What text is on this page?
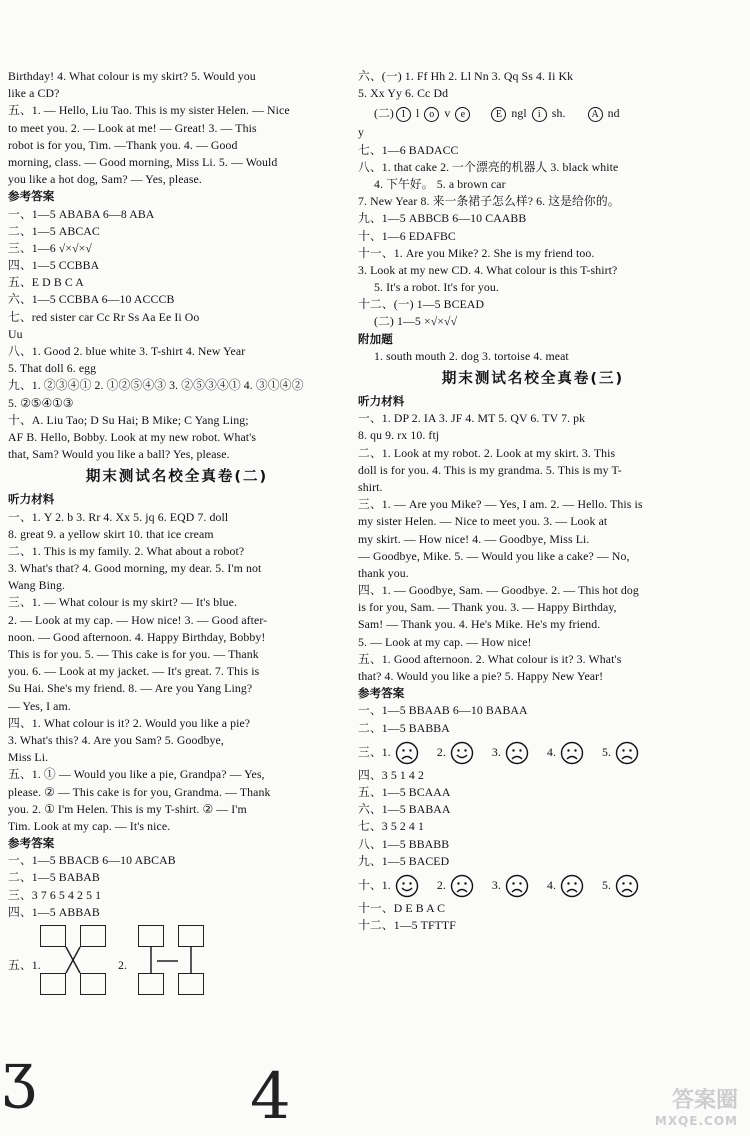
Birthday! 4. What colour is my skirt? 5. Would you
like a CD?
五、1. — Hello, Liu Tao. This is my sister Helen. — Nice
to meet you. 2. — Look at me! — Great! 3. — This
robot is for you, Tim. —Thank you. 4. — Good
morning, class. — Good morning, Miss Li. 5. — Would
you like a hot dog, Sam? — Yes, please.
参考答案
一、1—5 ABABA 6—8 ABA
二、1—5 ABCAC
三、1—6 √×√×√
四、1—5 CCBBA
五、E D B C A
六、1—5 CCBBA 6—10 ACCCB
七、red sister car Cc Rr Ss Aa Ee Ii Oo
Uu
八、1. Good 2. blue white 3. T-shirt 4. New Year
5. That doll 6. egg
九、1. ②③④① 2. ①②⑤④③ 3. ②⑤③④① 4. ③①④②
5. ②⑤④①③
十、A. Liu Tao; D Su Hai; B Mike; C Yang Ling;
AF B. Hello, Bobby. Look at my new robot. What's
that, Sam? Would you like a ball? Yes, please.
期末测试名校全真卷(二)
听力材料
一、1. Y 2. b 3. Rr 4. Xx 5. jq 6. EQD 7. doll
8. great 9. a yellow skirt 10. that ice cream
二、1. This is my family. 2. What about a robot?
3. What's that? 4. Good morning, my dear. 5. I'm not
Wang Bing.
三、1. — What colour is my skirt? — It's blue.
2. — Look at my cap. — How nice! 3. — Good after-
noon. — Good afternoon. 4. Happy Birthday, Bobby!
This is for you. 5. — This cake is for you. — Thank
you. 6. — Look at my jacket. — It's great. 7. This is
Su Hai. She's my friend. 8. — Are you Yang Ling?
— Yes, I am.
四、1. What colour is it? 2. Would you like a pie?
3. What's this? 4. Are you Sam? 5. Goodbye,
Miss Li.
五、1. ① — Would you like a pie, Grandpa? — Yes,
please. ② — This cake is for you, Grandma. — Thank
you. 2. ① I'm Helen. This is my T-shirt. ② — I'm
Tim. Look at my cap. — It's nice.
参考答案
一、1—5 BBACB 6—10 ABCAB
二、1—5 BABAB
三、3 7 6 5 4 2 5 1
四、1—5 ABBAB
六、(一) 1. Ff Hh 2. Ll Nn 3. Qq Ss 4. Ii Kk
5. Xx Yy 6. Cc Dd
(二) I l o v e	E ngl i sh.	A nd
y
七、1—6 BADACC
八、1. that cake 2. 一个漂亮的机器人 3. black white
4. 下午好。 5. a brown car
7. New Year 8. 来一条裙子怎么样? 6. 这是给你的。
九、1—5 ABBCB 6—10 CAABB
十、1—6 EDAFBC
十一、1. Are you Mike? 2. She is my friend too.
3. Look at my new CD. 4. What colour is this T-shirt?
5. It's a robot. It's for you.
十二、(一) 1—5 BCEAD
(二) 1—5 ×√×√√
附加题
1. south mouth 2. dog 3. tortoise 4. meat
期末测试名校全真卷(三)
听力材料
一、1. DP 2. IA 3. JF 4. MT 5. QV 6. TV 7. pk
8. qu 9. rx 10. ftj
二、1. Look at my robot. 2. Look at my skirt. 3. This
doll is for you. 4. This is my grandma. 5. This is my T-
shirt.
三、1. — Are you Mike? — Yes, I am. 2. — Hello. This is
my sister Helen. — Nice to meet you. 3. — Look at
my skirt. — How nice! 4. — Goodbye, Miss Li.
— Goodbye, Mike. 5. — Would you like a cake? — No,
thank you.
四、1. — Goodbye, Sam. — Goodbye. 2. — This hot dog
is for you, Sam. — Thank you. 3. — Happy Birthday,
Sam! — Thank you. 4. He's Mike. He's my friend.
5. — Look at my cap. — How nice!
五、1. Good afternoon. 2. What colour is it? 3. What's
that? 4. Would you like a pie? 5. Happy New Year!
参考答案
一、1—5 BBAAB 6—10 BABAA
二、1—5 BABBA
三、1.	2.	3.	4.	5.
四、3 5 1 4 2
五、1—5 BCAAA
六、1—5 BABAA
七、3 5 2 4 1
八、1—5 BBABB
九、1—5 BACED
十、1.	2.	3.	4.	5.
十一、D E B A C
十二、1—5 TFTTF
五、1.	2.
ʒ	4	答案圈
MXQE.COM
